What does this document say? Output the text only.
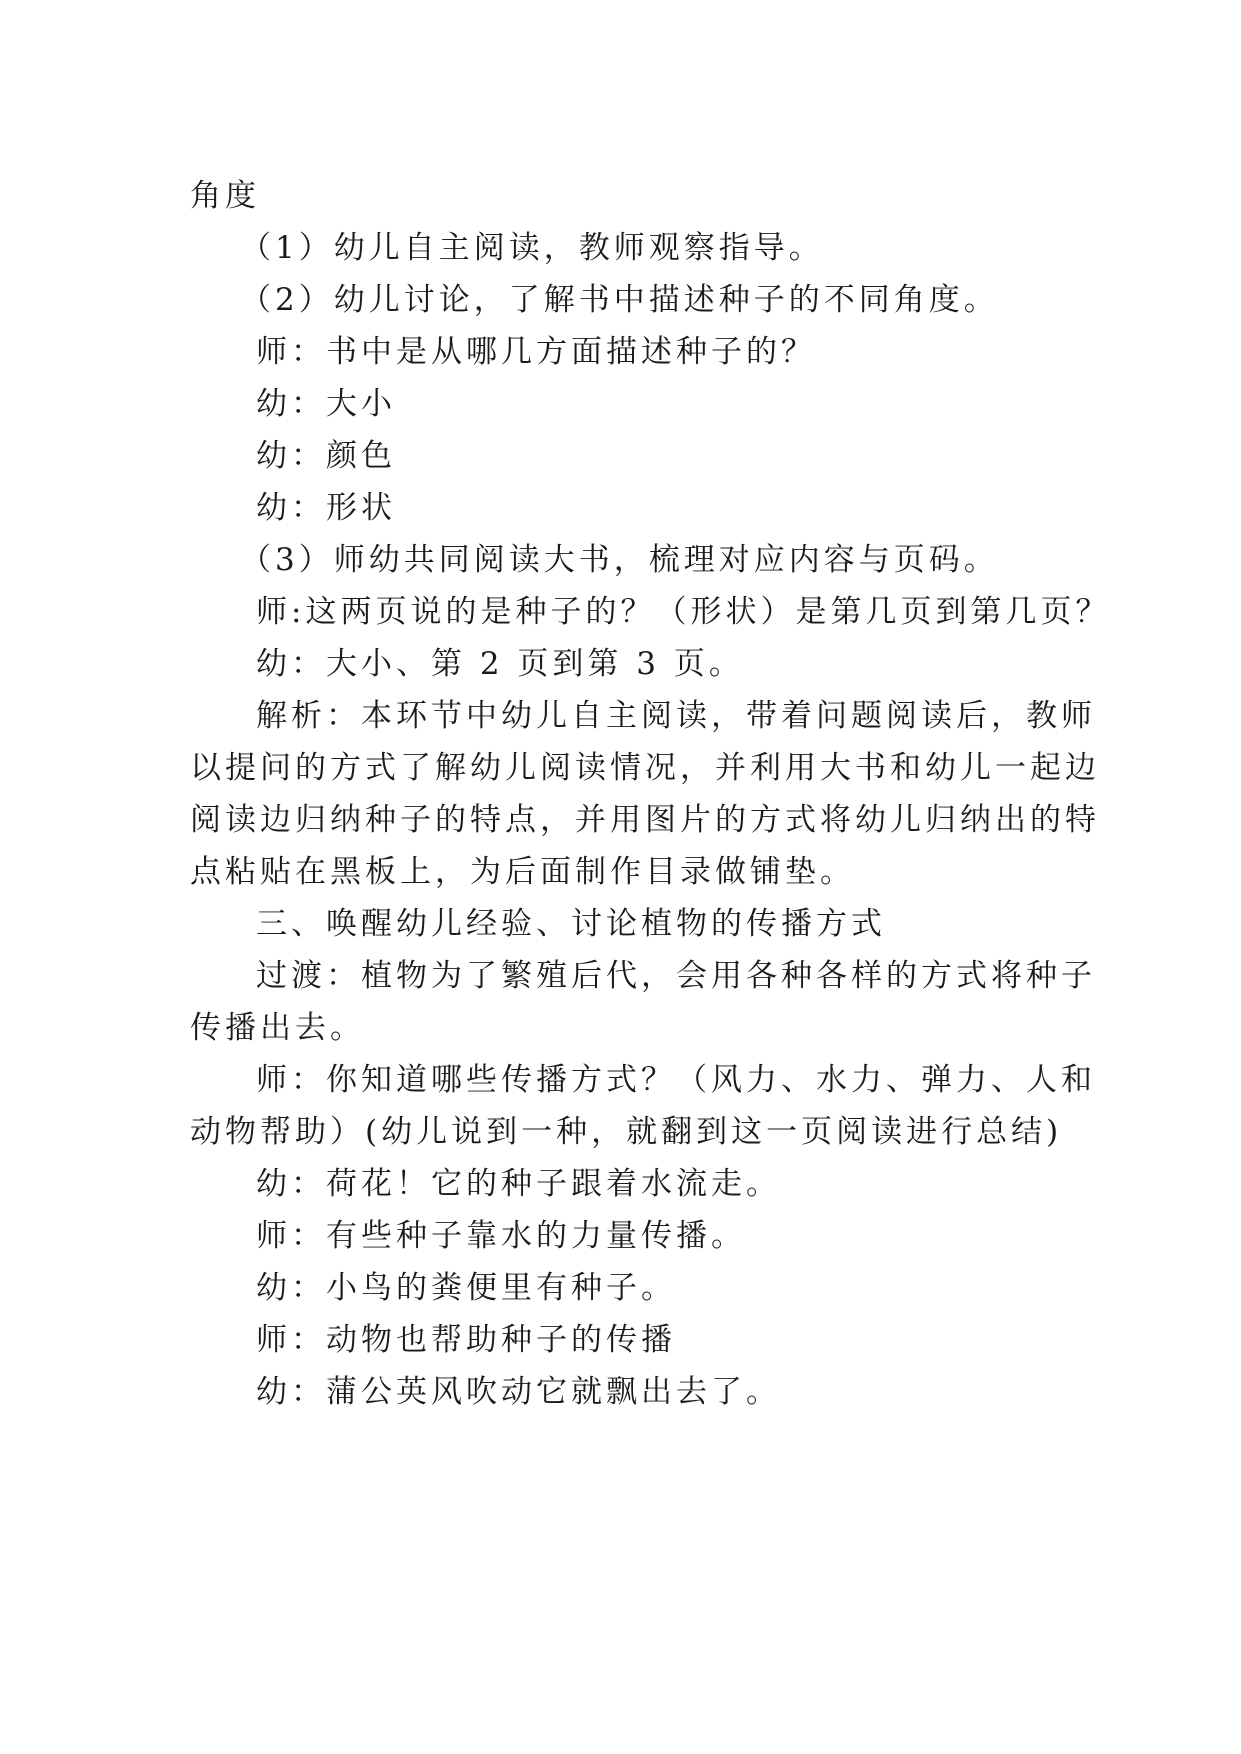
角度

（1）幼儿自主阅读，教师观察指导。

（2）幼儿讨论，了解书中描述种子的不同角度。

师：书中是从哪几方面描述种子的？

幼：大小

幼：颜色

幼：形状

（3）师幼共同阅读大书，梳理对应内容与页码。

师:这两页说的是种子的？（形状）是第几页到第几页？

幼：大小、第 2 页到第 3 页。

解析：本环节中幼儿自主阅读，带着问题阅读后，教师

以提问的方式了解幼儿阅读情况，并利用大书和幼儿一起边

阅读边归纳种子的特点，并用图片的方式将幼儿归纳出的特

点粘贴在黑板上，为后面制作目录做铺垫。

三、唤醒幼儿经验、讨论植物的传播方式

过渡：植物为了繁殖后代，会用各种各样的方式将种子

传播出去。

师：你知道哪些传播方式？（风力、水力、弹力、人和

动物帮助）(幼儿说到一种，就翻到这一页阅读进行总结)

幼：荷花！它的种子跟着水流走。

师：有些种子靠水的力量传播。

幼：小鸟的粪便里有种子。

师：动物也帮助种子的传播

幼：蒲公英风吹动它就飘出去了。
